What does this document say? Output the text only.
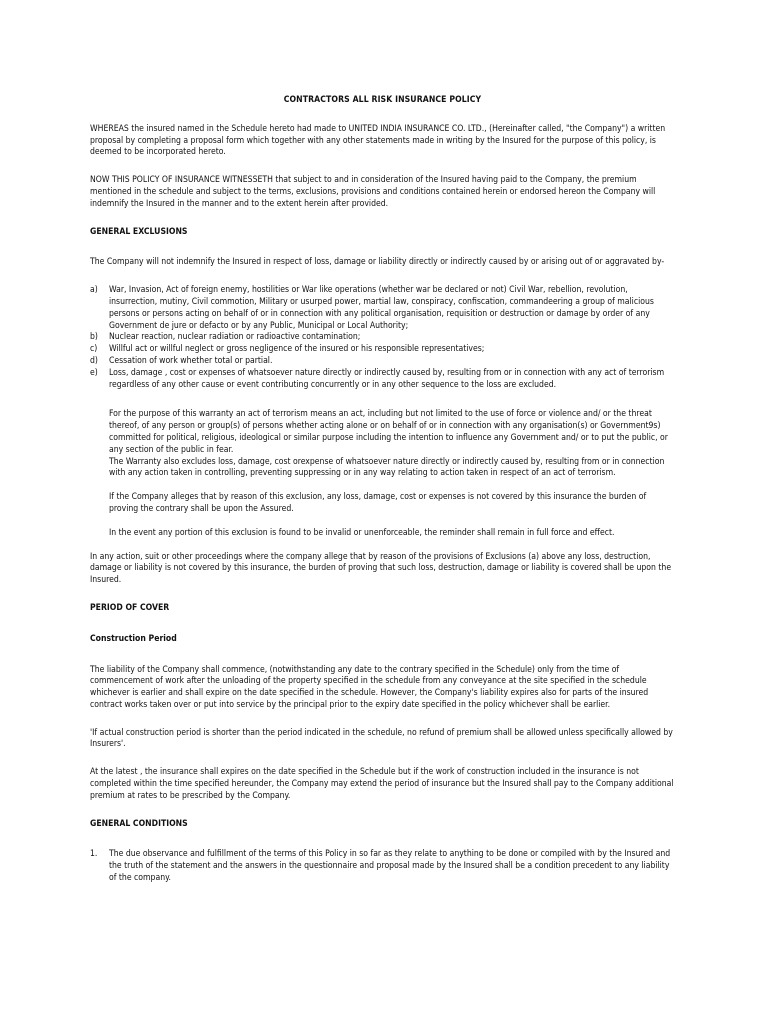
CONTRACTORS ALL RISK INSURANCE POLICY

WHEREAS the insured named in the Schedule hereto had made to UNITED INDIA INSURANCE CO. LTD., (Hereinafter called, "the Company") a written proposal by completing a proposal form which together with any other statements made in writing by the Insured for the purpose of this policy, is deemed to be incorporated hereto.

NOW THIS POLICY OF INSURANCE WITNESSETH that subject to and in consideration of the Insured having paid to the Company, the premium mentioned in the schedule and subject to the terms, exclusions, provisions and conditions contained herein or endorsed hereon the Company will indemnify the Insured in the manner and to the extent herein after provided.

GENERAL EXCLUSIONS

The Company will not indemnify the Insured in respect of loss, damage or liability directly or indirectly caused by or arising out of or aggravated by-

a) War, Invasion, Act of foreign enemy, hostilities or War like operations (whether war be declared or not) Civil War, rebellion, revolution, insurrection, mutiny, Civil commotion, Military or usurped power, martial law, conspiracy, confiscation, commandeering a group of malicious persons or persons acting on behalf of or in connection with any political organisation, requisition or destruction or damage by order of any Government de jure or defacto or by any Public, Municipal or Local Authority;
b) Nuclear reaction, nuclear radiation or radioactive contamination;
c) Willful act or willful neglect or gross negligence of the insured or his responsible representatives;
d) Cessation of work whether total or partial.
e) Loss, damage , cost or expenses of whatsoever nature directly or indirectly caused by, resulting from or in connection with any act of terrorism regardless of any other cause or event contributing concurrently or in any other sequence to the loss are excluded.

For the purpose of this warranty an act of terrorism means an act, including but not limited to the use of force or violence and/ or the threat thereof, of any person or group(s) of persons whether acting alone or on behalf of or in connection with any organisation(s) or Government9s) committed for political, religious, ideological or similar purpose including the intention to influence any Government and/ or to put the public, or any section of the public in fear.

The Warranty also excludes loss, damage, cost orexpense of whatsoever nature directly or indirectly caused by, resulting from or in connection with any action taken in controlling, preventing suppressing or in any way relating to action taken in respect of an act of terrorism.

If the Company alleges that by reason of this exclusion, any loss, damage, cost or expenses is not covered by this insurance the burden of proving the contrary shall be upon the Assured.

In the event any portion of this exclusion is found to be invalid or unenforceable, the reminder shall remain in full force and effect.

In any action, suit or other proceedings where the company allege that by reason of the provisions of Exclusions (a) above any loss, destruction, damage or liability is not covered by this insurance, the burden of proving that such loss, destruction, damage or liability is covered shall be upon the Insured.

PERIOD OF COVER
Construction Period

The liability of the Company shall commence, (notwithstanding any date to the contrary specified in the Schedule) only from the time of commencement of work after the unloading of the property specified in the schedule from any conveyance at the site specified in the schedule whichever is earlier and shall expire on the date specified in the schedule. However, the Company's liability expires also for parts of the insured contract works taken over or put into service by the principal prior to the expiry date specified in the policy whichever shall be earlier.

'If actual construction period is shorter than the period indicated in the schedule, no refund of premium shall be allowed unless specifically allowed by Insurers'.

At the latest , the insurance shall expires on the date specified in the Schedule but if the work of construction included in the insurance is not completed within the time specified hereunder, the Company may extend the period of insurance but the Insured shall pay to the Company additional premium at rates to be prescribed by the Company.

GENERAL CONDITIONS
1. The due observance and fulfillment of the terms of this Policy in so far as they relate to anything to be done or compiled with by the Insured and the truth of the statement and the answers in the questionnaire and proposal made by the Insured shall be a condition precedent to any liability of the company.
